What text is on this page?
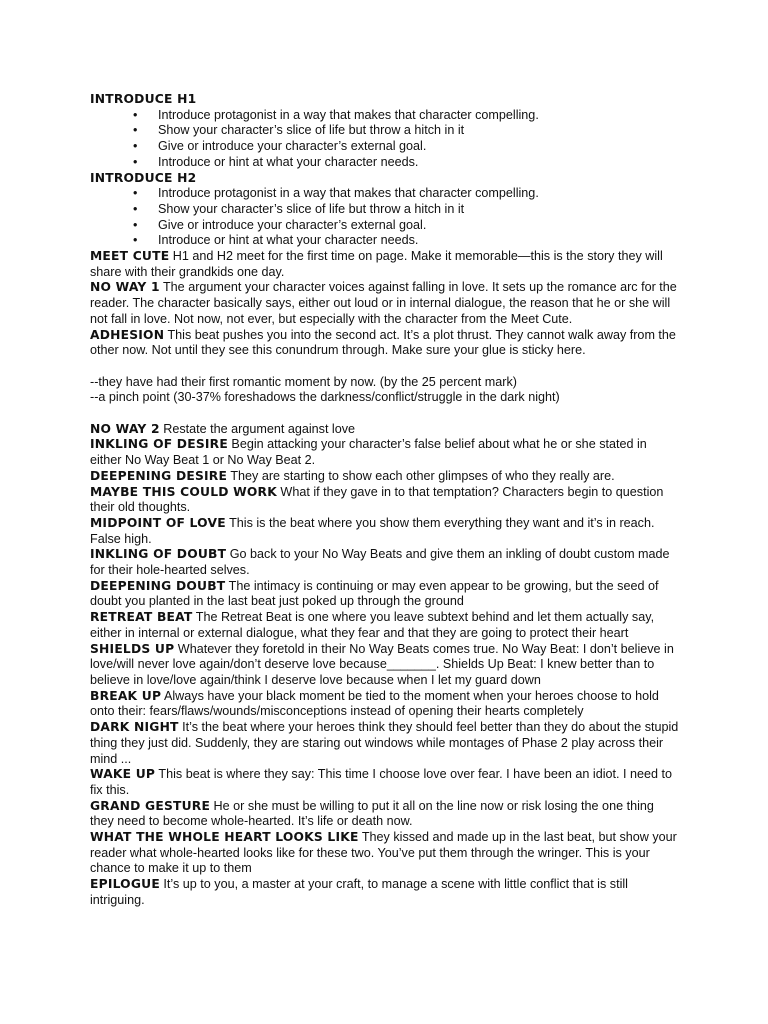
INTRODUCE H1
• Introduce protagonist in a way that makes that character compelling.
• Show your character’s slice of life but throw a hitch in it
• Give or introduce your character’s external goal.
• Introduce or hint at what your character needs.
INTRODUCE H2
• Introduce protagonist in a way that makes that character compelling.
• Show your character’s slice of life but throw a hitch in it
• Give or introduce your character’s external goal.
• Introduce or hint at what your character needs.

MEET CUTE H1 and H2 meet for the first time on page. Make it memorable—this is the story they will share with their grandkids one day.

NO WAY 1 The argument your character voices against falling in love. It sets up the romance arc for the reader. The character basically says, either out loud or in internal dialogue, the reason that he or she will not fall in love. Not now, not ever, but especially with the character from the Meet Cute.

ADHESION This beat pushes you into the second act. It’s a plot thrust. They cannot walk away from the other now. Not until they see this conundrum through. Make sure your glue is sticky here.

--they have had their first romantic moment by now. (by the 25 percent mark)

--a pinch point (30-37% foreshadows the darkness/conflict/struggle in the dark night)

NO WAY 2 Restate the argument against love

INKLING OF DESIRE Begin attacking your character’s false belief about what he or she stated in either No Way Beat 1 or No Way Beat 2.

DEEPENING DESIRE They are starting to show each other glimpses of who they really are.

MAYBE THIS COULD WORK What if they gave in to that temptation? Characters begin to question their old thoughts.

MIDPOINT OF LOVE This is the beat where you show them everything they want and it’s in reach. False high.

INKLING OF DOUBT Go back to your No Way Beats and give them an inkling of doubt custom made for their hole-hearted selves.

DEEPENING DOUBT The intimacy is continuing or may even appear to be growing, but the seed of doubt you planted in the last beat just poked up through the ground

RETREAT BEAT The Retreat Beat is one where you leave subtext behind and let them actually say, either in internal or external dialogue, what they fear and that they are going to protect their heart

SHIELDS UP Whatever they foretold in their No Way Beats comes true. No Way Beat: I don’t believe in love/will never love again/don’t deserve love because_______. Shields Up Beat: I knew better than to believe in love/love again/think I deserve love because when I let my guard down

BREAK UP Always have your black moment be tied to the moment when your heroes choose to hold onto their: fears/flaws/wounds/misconceptions instead of opening their hearts completely

DARK NIGHT It’s the beat where your heroes think they should feel better than they do about the stupid thing they just did. Suddenly, they are staring out windows while montages of Phase 2 play across their mind ...

WAKE UP This beat is where they say: This time I choose love over fear. I have been an idiot. I need to fix this.

GRAND GESTURE He or she must be willing to put it all on the line now or risk losing the one thing they need to become whole-hearted. It’s life or death now.

WHAT THE WHOLE HEART LOOKS LIKE They kissed and made up in the last beat, but show your reader what whole-hearted looks like for these two. You’ve put them through the wringer. This is your chance to make it up to them

EPILOGUE It’s up to you, a master at your craft, to manage a scene with little conflict that is still intriguing.
